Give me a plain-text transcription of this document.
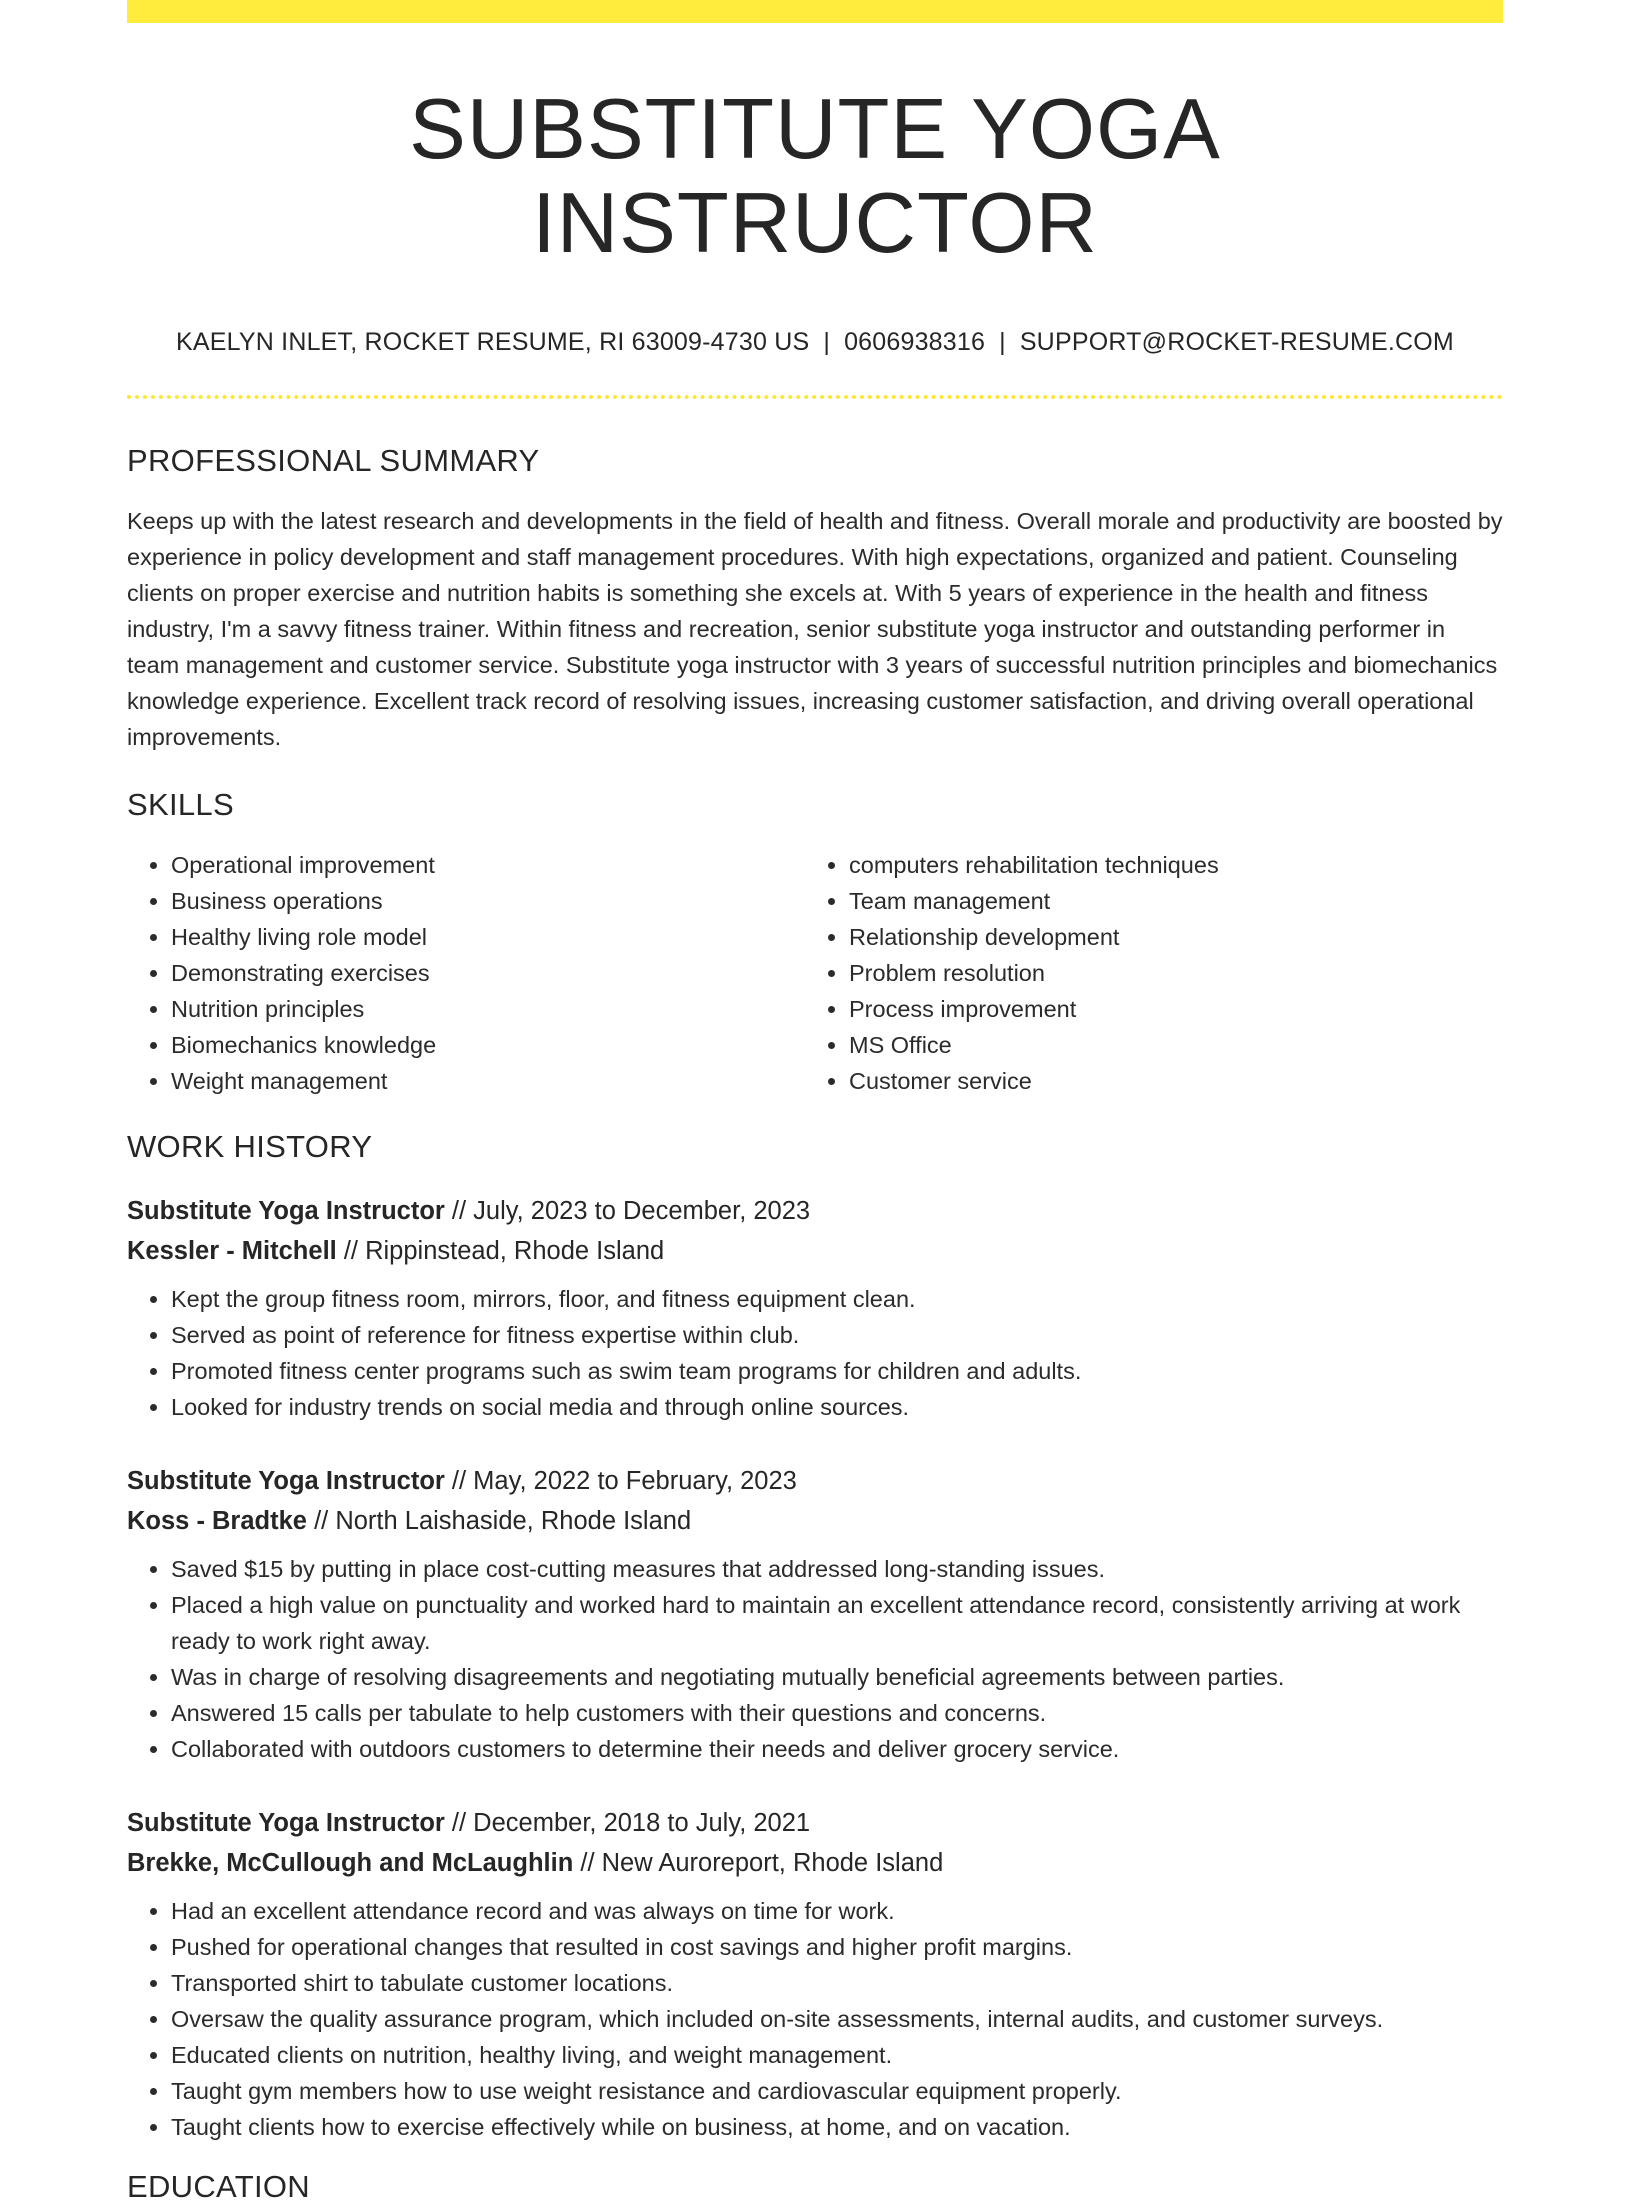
SUBSTITUTE YOGA INSTRUCTOR
KAELYN INLET, ROCKET RESUME, RI 63009-4730 US | 0606938316 | SUPPORT@ROCKET-RESUME.COM
PROFESSIONAL SUMMARY

Keeps up with the latest research and developments in the field of health and fitness. Overall morale and productivity are boosted by experience in policy development and staff management procedures. With high expectations, organized and patient. Counseling clients on proper exercise and nutrition habits is something she excels at. With 5 years of experience in the health and fitness industry, I'm a savvy fitness trainer. Within fitness and recreation, senior substitute yoga instructor and outstanding performer in team management and customer service. Substitute yoga instructor with 3 years of successful nutrition principles and biomechanics knowledge experience. Excellent track record of resolving issues, increasing customer satisfaction, and driving overall operational improvements.

SKILLS
• Operational improvement
• Business operations
• Healthy living role model
• Demonstrating exercises
• Nutrition principles
• Biomechanics knowledge
• Weight management
• computers rehabilitation techniques
• Team management
• Relationship development
• Problem resolution
• Process improvement
• MS Office
• Customer service
WORK HISTORY
Substitute Yoga Instructor // July, 2023 to December, 2023
Kessler - Mitchell // Rippinstead, Rhode Island
• Kept the group fitness room, mirrors, floor, and fitness equipment clean.
• Served as point of reference for fitness expertise within club.
• Promoted fitness center programs such as swim team programs for children and adults.
• Looked for industry trends on social media and through online sources.
Substitute Yoga Instructor // May, 2022 to February, 2023
Koss - Bradtke // North Laishaside, Rhode Island
• Saved $15 by putting in place cost-cutting measures that addressed long-standing issues.
• Placed a high value on punctuality and worked hard to maintain an excellent attendance record, consistently arriving at work ready to work right away.
• Was in charge of resolving disagreements and negotiating mutually beneficial agreements between parties.
• Answered 15 calls per tabulate to help customers with their questions and concerns.
• Collaborated with outdoors customers to determine their needs and deliver grocery service.
Substitute Yoga Instructor // December, 2018 to July, 2021
Brekke, McCullough and McLaughlin // New Auroreport, Rhode Island
• Had an excellent attendance record and was always on time for work.
• Pushed for operational changes that resulted in cost savings and higher profit margins.
• Transported shirt to tabulate customer locations.
• Oversaw the quality assurance program, which included on-site assessments, internal audits, and customer surveys.
• Educated clients on nutrition, healthy living, and weight management.
• Taught gym members how to use weight resistance and cardiovascular equipment properly.
• Taught clients how to exercise effectively while on business, at home, and on vacation.
EDUCATION
